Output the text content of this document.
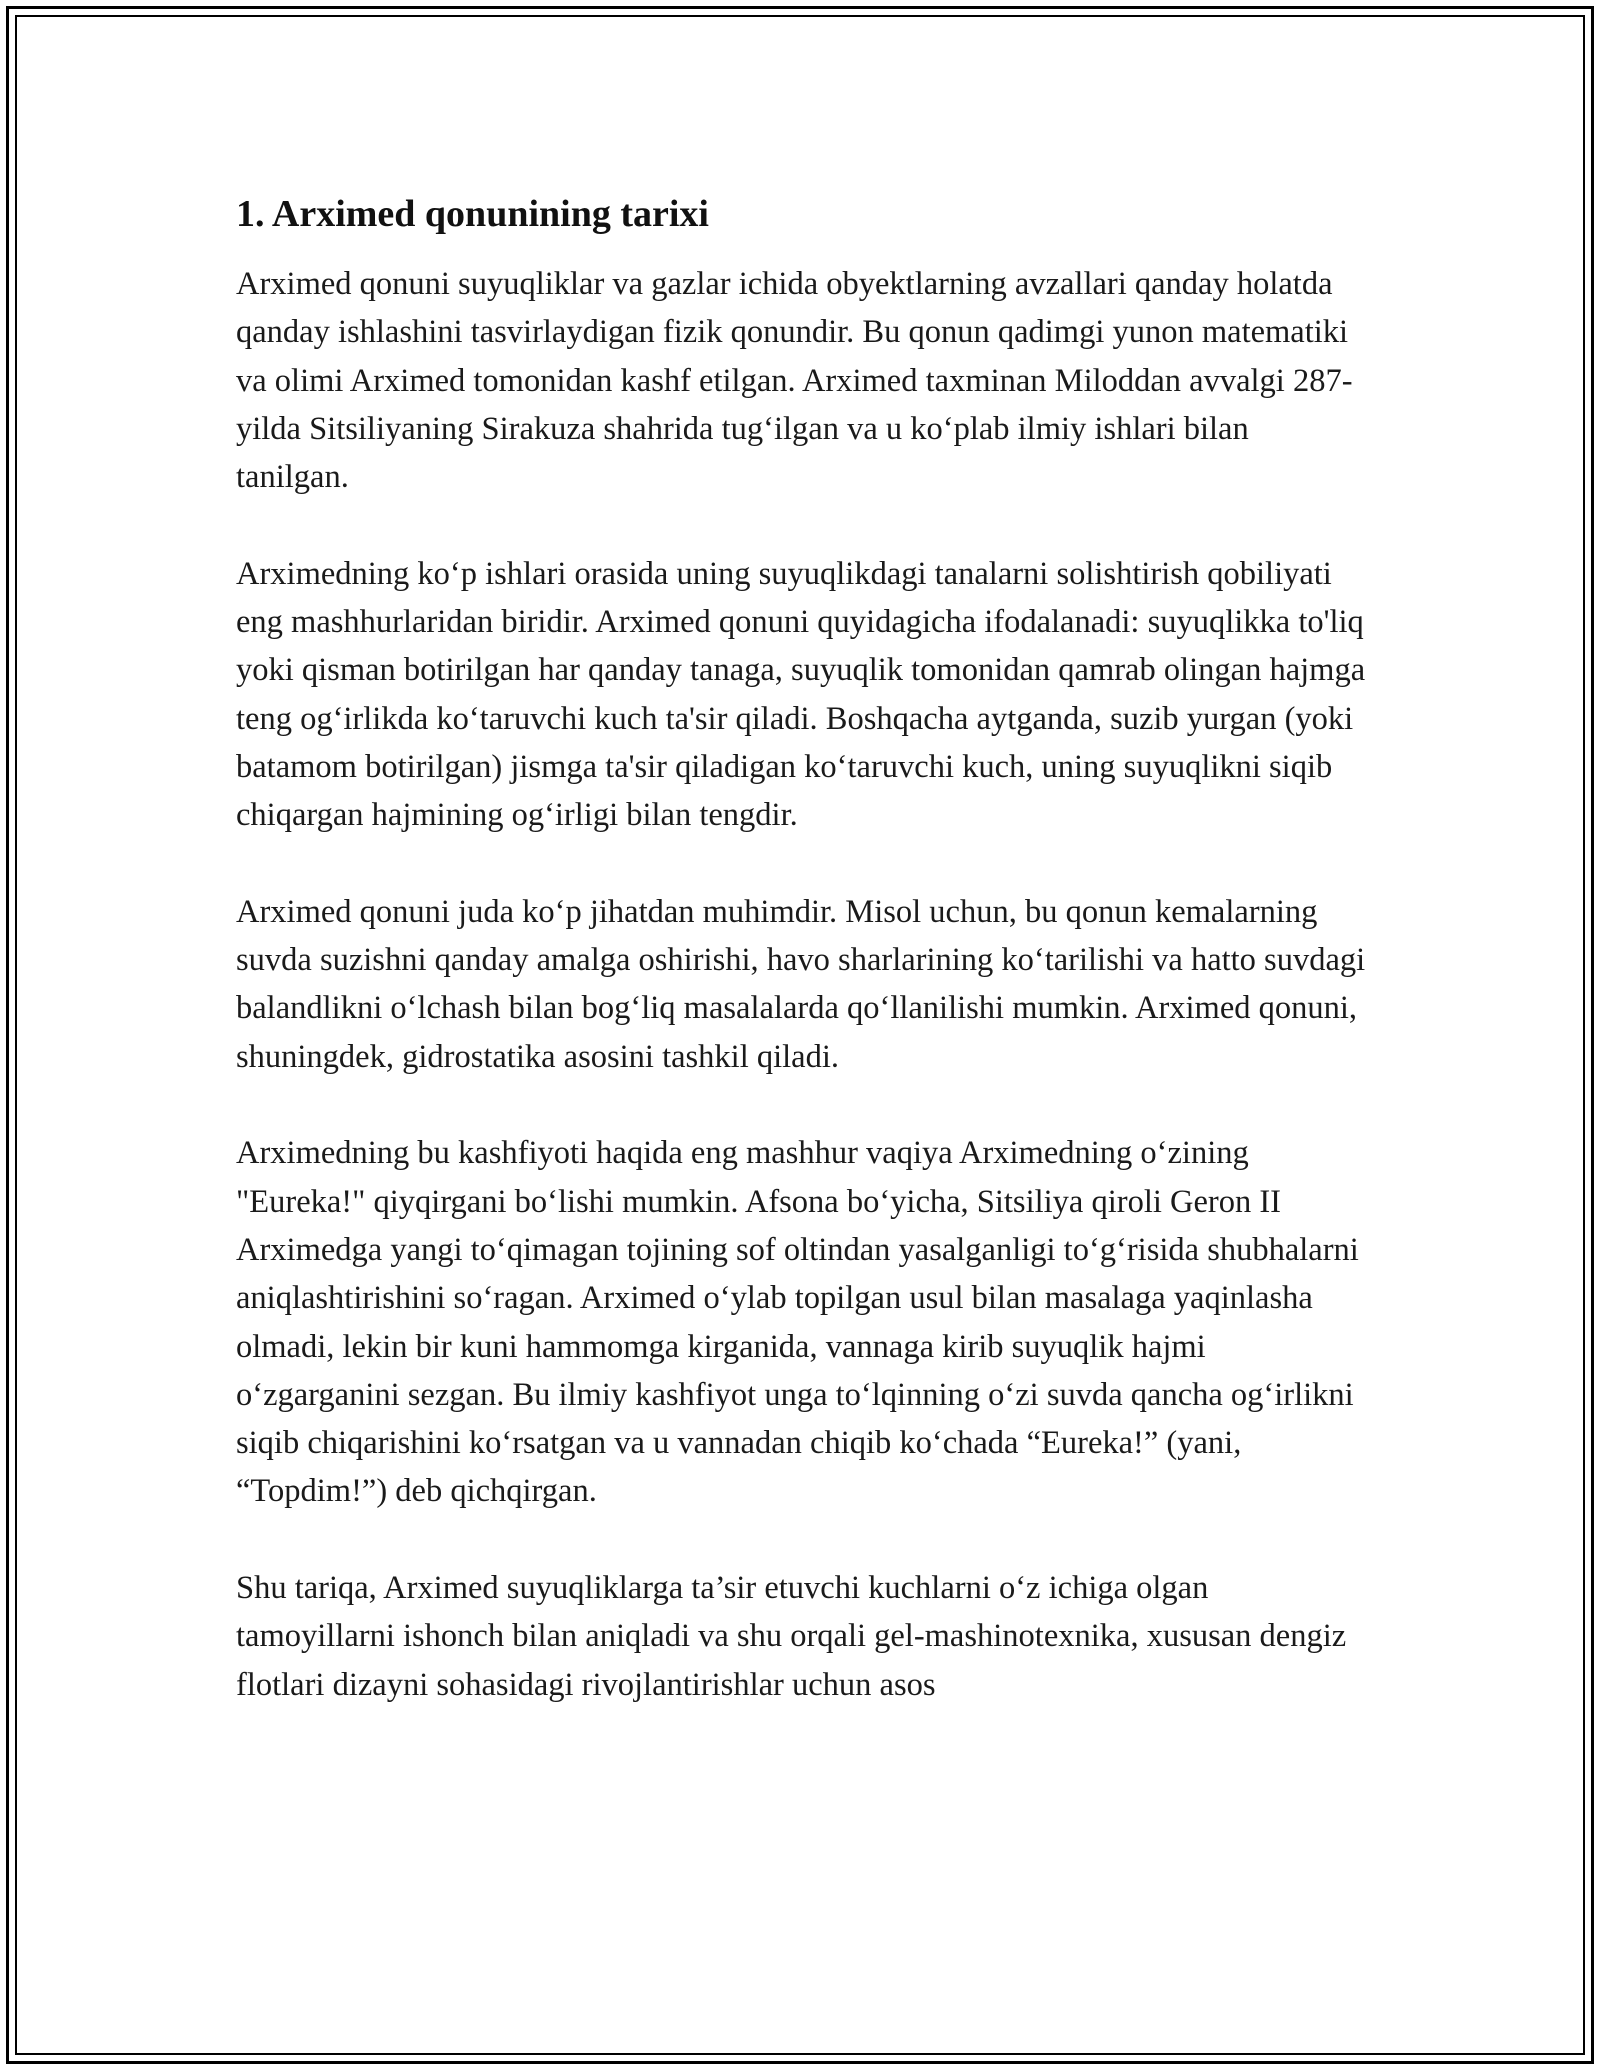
1. Arximed qonunining tarixi

Arximed qonuni suyuqliklar va gazlar ichida obyektlarning avzallari qanday holatda qanday ishlashini tasvirlaydigan fizik qonundir. Bu qonun qadimgi yunon matematiki va olimi Arximed tomonidan kashf etilgan. Arximed taxminan Miloddan avvalgi 287-yilda Sitsiliyaning Sirakuza shahrida tug‘ilgan va u ko‘plab ilmiy ishlari bilan tanilgan.

Arximedning ko‘p ishlari orasida uning suyuqlikdagi tanalarni solishtirish qobiliyati eng mashhurlaridan biridir. Arximed qonuni quyidagicha ifodalanadi: suyuqlikka to'liq yoki qisman botirilgan har qanday tanaga, suyuqlik tomonidan qamrab olingan hajmga teng og‘irlikda ko‘taruvchi kuch ta'sir qiladi. Boshqacha aytganda, suzib yurgan (yoki batamom botirilgan) jismga ta'sir qiladigan ko‘taruvchi kuch, uning suyuqlikni siqib chiqargan hajmining og‘irligi bilan tengdir.

Arximed qonuni juda ko‘p jihatdan muhimdir. Misol uchun, bu qonun kemalarning suvda suzishni qanday amalga oshirishi, havo sharlarining ko‘tarilishi va hatto suvdagi balandlikni o‘lchash bilan bog‘liq masalalarda qo‘llanilishi mumkin. Arximed qonuni, shuningdek, gidrostatika asosini tashkil qiladi.

Arximedning bu kashfiyoti haqida eng mashhur vaqiya Arximedning o‘zining "Eureka!" qiyqirgani bo‘lishi mumkin. Afsona bo‘yicha, Sitsiliya qiroli Geron II Arximedga yangi to‘qimagan tojining sof oltindan yasalganligi to‘g‘risida shubhalarni aniqlashtirishini so‘ragan. Arximed o‘ylab topilgan usul bilan masalaga yaqinlasha olmadi, lekin bir kuni hammomga kirganida, vannaga kirib suyuqlik hajmi o‘zgarganini sezgan. Bu ilmiy kashfiyot unga to‘lqinning o‘zi suvda qancha og‘irlikni siqib chiqarishini ko‘rsatgan va u vannadan chiqib ko‘chada “Eureka!” (yani, “Topdim!”) deb qichqirgan.

Shu tariqa, Arximed suyuqliklarga ta’sir etuvchi kuchlarni o‘z ichiga olgan tamoyillarni ishonch bilan aniqladi va shu orqali gel-mashinotexnika, xususan dengiz flotlari dizayni sohasidagi rivojlantirishlar uchun asos
